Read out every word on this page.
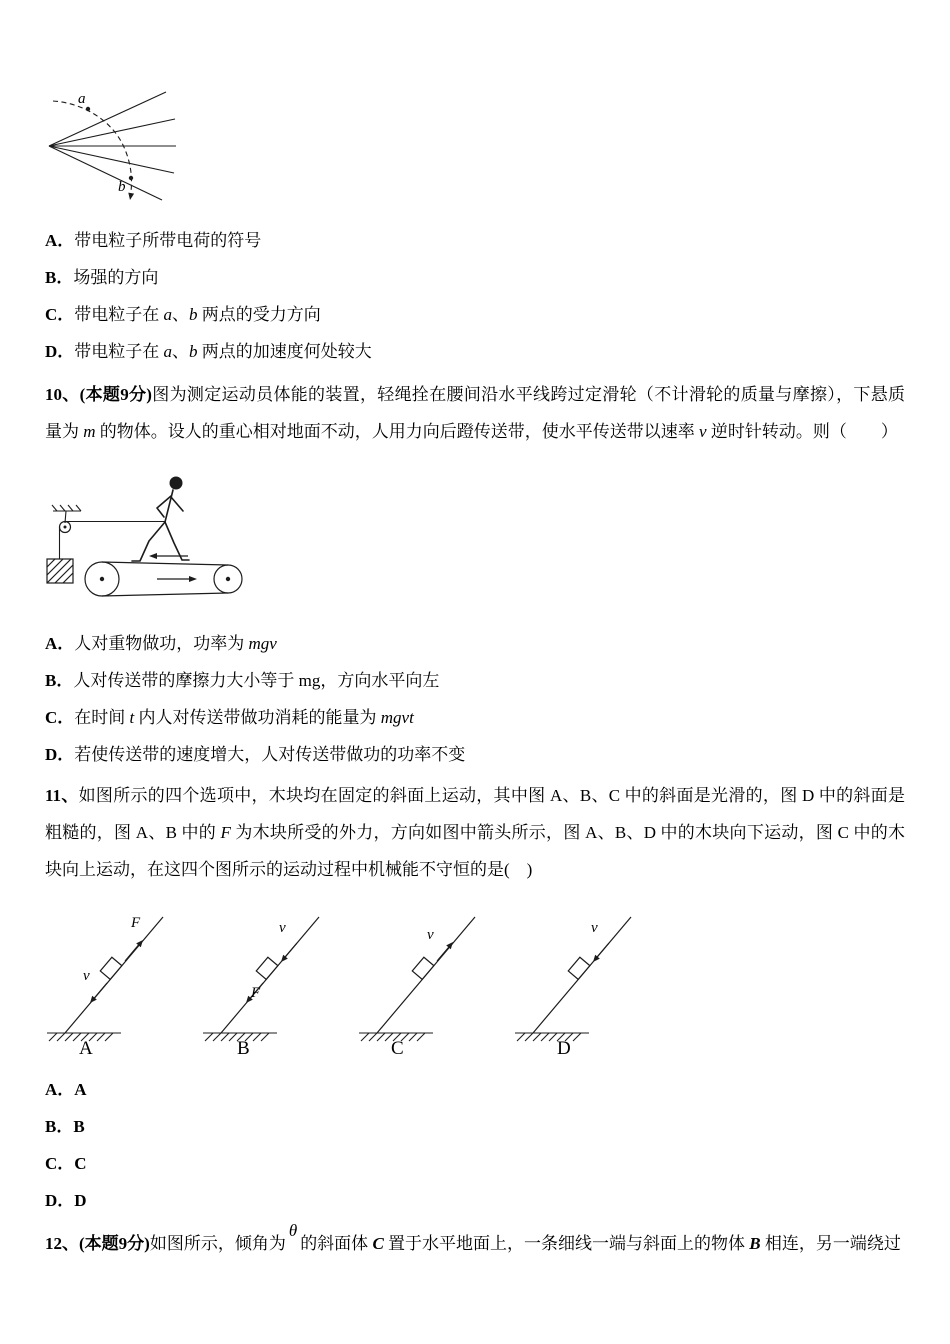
a
b
A．带电粒子所带电荷的符号
B．场强的方向
C．带电粒子在 a、b 两点的受力方向
D．带电粒子在 a、b 两点的加速度何处较大

10、(本题9分)图为测定运动员体能的装置，轻绳拴在腰间沿水平线跨过定滑轮（不计滑轮的质量与摩擦），下悬质量为 m 的物体。设人的重心相对地面不动，人用力向后蹬传送带，使水平传送带以速率 v 逆时针转动。则（　　）

A．人对重物做功，功率为 mgv
B．人对传送带的摩擦力大小等于 mg，方向水平向左
C．在时间 t 内人对传送带做功消耗的能量为 mgvt
D．若使传送带的速度增大，人对传送带做功的功率不变

11、如图所示的四个选项中，木块均在固定的斜面上运动，其中图 A、B、C 中的斜面是光滑的，图 D 中的斜面是粗糙的，图 A、B 中的 F 为木块所受的外力，方向如图中箭头所示，图 A、B、D 中的木块向下运动，图 C 中的木块向上运动，在这四个图所示的运动过程中机械能不守恒的是(　)

F
v
A
v
F
B
v
C
v
D
A．A
B．B
C．C
D．D

12、(本题9分)如图所示，倾角为θ的斜面体 C 置于水平地面上，一条细线一端与斜面上的物体 B 相连，另一端绕过
